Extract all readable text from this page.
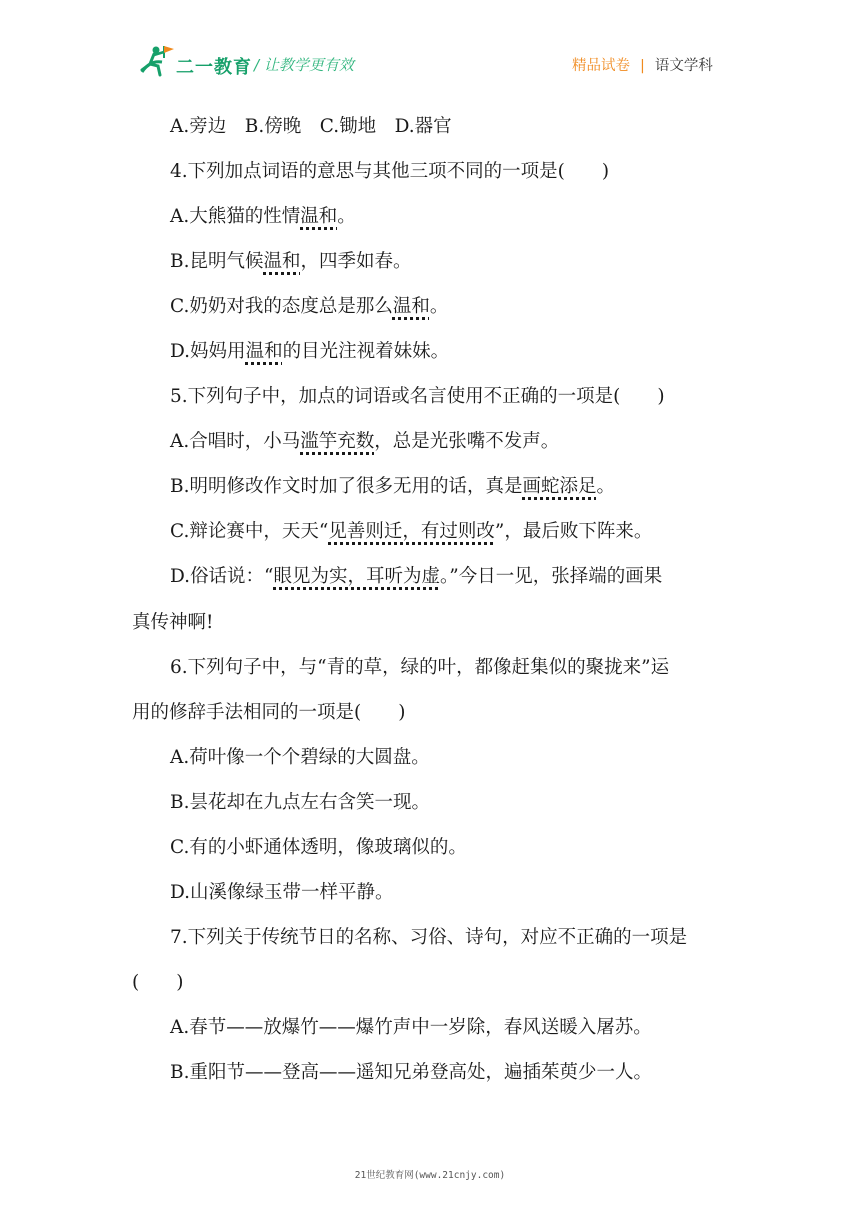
二一教育 / 让教学更有效	精品试卷 | 语文学科
A.旁边　B.傍晚　C.锄地　D.器官
4.下列加点词语的意思与其他三项不同的一项是(　　)
A.大熊猫的性情温和。
B.昆明气候温和，四季如春。
C.奶奶对我的态度总是那么温和。
D.妈妈用温和的目光注视着妹妹。
5.下列句子中，加点的词语或名言使用不正确的一项是(　　)
A.合唱时，小马滥竽充数，总是光张嘴不发声。
B.明明修改作文时加了很多无用的话，真是画蛇添足。
C.辩论赛中，天天“见善则迁，有过则改”，最后败下阵来。
D.俗话说：“眼见为实，耳听为虚。”今日一见，张择端的画果
真传神啊!
6.下列句子中，与“青的草，绿的叶，都像赶集似的聚拢来”运
用的修辞手法相同的一项是(　　)
A.荷叶像一个个碧绿的大圆盘。
B.昙花却在九点左右含笑一现。
C.有的小虾通体透明，像玻璃似的。
D.山溪像绿玉带一样平静。
7.下列关于传统节日的名称、习俗、诗句，对应不正确的一项是
(　　)
A.春节——放爆竹——爆竹声中一岁除，春风送暖入屠苏。
B.重阳节——登高——遥知兄弟登高处，遍插茱萸少一人。
21世纪教育网(www.21cnjy.com)
